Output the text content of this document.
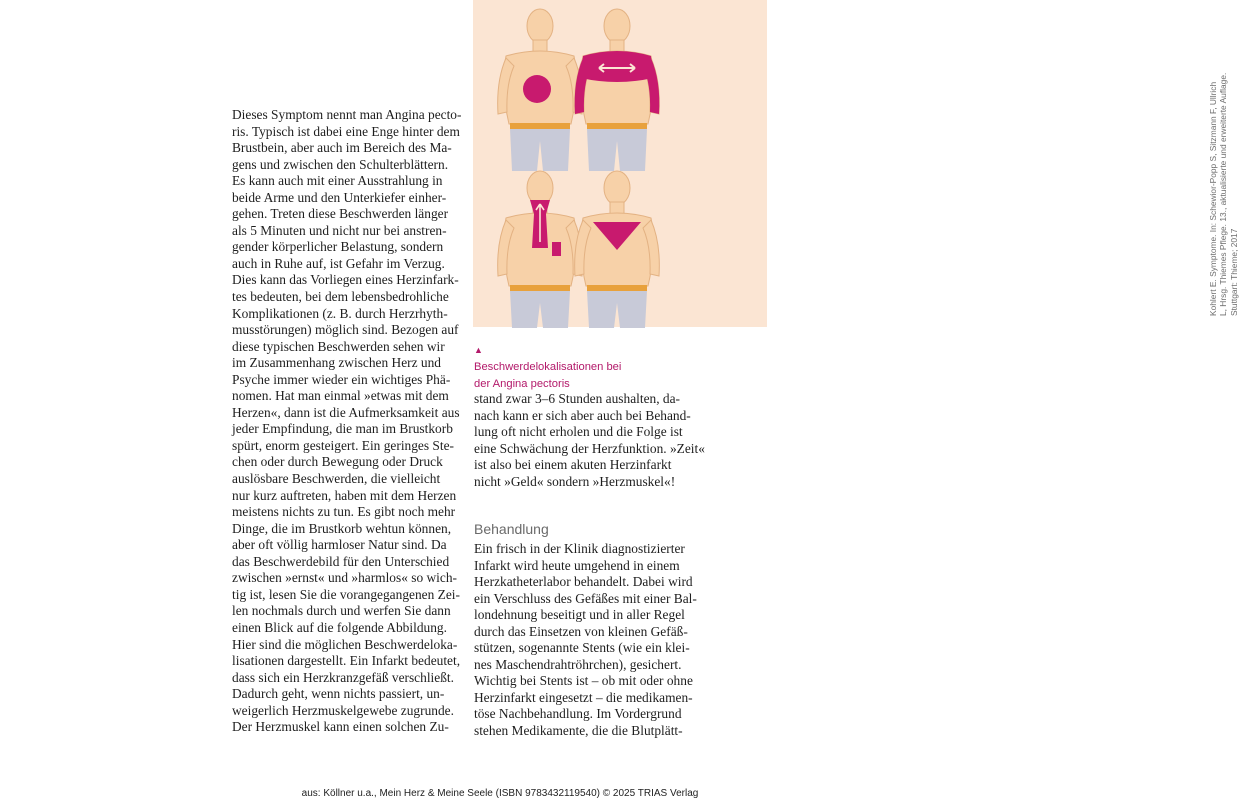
Dieses Symptom nennt man Angina pecto-
ris. Typisch ist dabei eine Enge hinter dem
Brustbein, aber auch im Bereich des Ma-
gens und zwischen den Schulterblättern.
Es kann auch mit einer Ausstrahlung in
beide Arme und den Unterkiefer einher-
gehen. Treten diese Beschwerden länger
als 5 Minuten und nicht nur bei anstren-
gender körperlicher Belastung, sondern
auch in Ruhe auf, ist Gefahr im Verzug.
Dies kann das Vorliegen eines Herzinfark-
tes bedeuten, bei dem lebensbedrohliche
Komplikationen (z. B. durch Herzrhyth-
musstörungen) möglich sind. Bezogen auf
diese typischen Beschwerden sehen wir
im Zusammenhang zwischen Herz und
Psyche immer wieder ein wichtiges Phä-
nomen. Hat man einmal »etwas mit dem
Herzen«, dann ist die Aufmerksamkeit aus
jeder Empfindung, die man im Brustkorb
spürt, enorm gesteigert. Ein geringes Ste-
chen oder durch Bewegung oder Druck
auslösbare Beschwerden, die vielleicht
nur kurz auftreten, haben mit dem Herzen
meistens nichts zu tun. Es gibt noch mehr
Dinge, die im Brustkorb wehtun können,
aber oft völlig harmloser Natur sind. Da
das Beschwerdebild für den Unterschied
zwischen »ernst« und »harmlos« so wich-
tig ist, lesen Sie die vorangegangenen Zei-
len nochmals durch und werfen Sie dann
einen Blick auf die folgende Abbildung.
Hier sind die möglichen Beschwerdeloka-
lisationen dargestellt. Ein Infarkt bedeutet,
dass sich ein Herzkranzgefäß verschließt.
Dadurch geht, wenn nichts passiert, un-
weigerlich Herzmuskelgewebe zugrunde.
Der Herzmuskel kann einen solchen Zu-
Kohlert E. Symptome. In: Schewior-Popp S, Sitzmann F, Ullrich L, Hrsg. Thiemes Pflege. 13., aktualisierte und erweiterte Auflage. Stuttgart: Thieme; 2017
▲
Beschwerdelokalisationen bei
der Angina pectoris
stand zwar 3–6 Stunden aushalten, da-
nach kann er sich aber auch bei Behand-
lung oft nicht erholen und die Folge ist
eine Schwächung der Herzfunktion. »Zeit«
ist also bei einem akuten Herzinfarkt
nicht »Geld« sondern »Herzmuskel«!
Behandlung
Ein frisch in der Klinik diagnostizierter
Infarkt wird heute umgehend in einem
Herzkatheterlabor behandelt. Dabei wird
ein Verschluss des Gefäßes mit einer Bal-
londehnung beseitigt und in aller Regel
durch das Einsetzen von kleinen Gefäß-
stützen, sogenannte Stents (wie ein klei-
nes Maschendrahtröhrchen), gesichert.
Wichtig bei Stents ist – ob mit oder ohne
Herzinfarkt eingesetzt – die medikamen-
töse Nachbehandlung. Im Vordergrund
stehen Medikamente, die die Blutplätt-
aus: Köllner u.a., Mein Herz & Meine Seele (ISBN 9783432119540) © 2025 TRIAS Verlag
